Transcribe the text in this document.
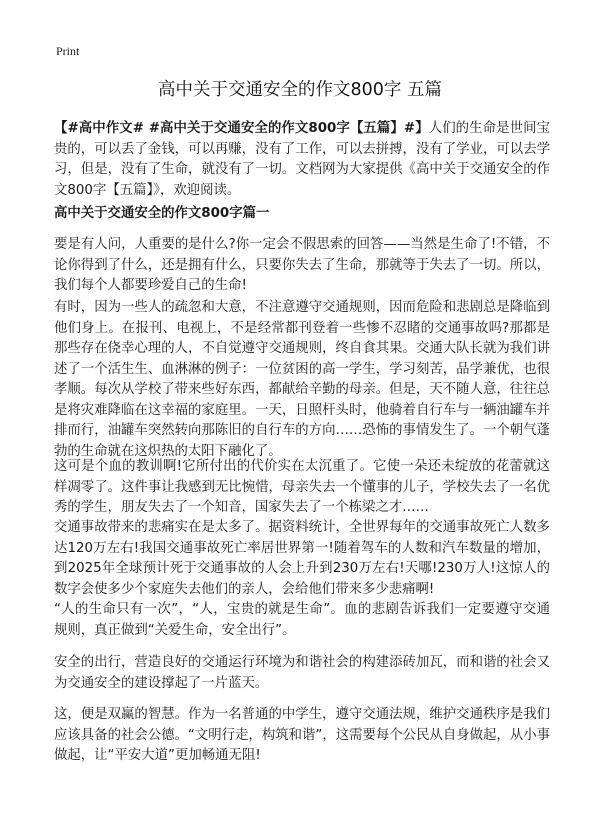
Print
高中关于交通安全的作文800字 五篇
【#高中作文# #高中关于交通安全的作文800字【五篇】#】人们的生命是世间宝贵的，可以丢了金钱，可以再赚，没有了工作，可以去拼搏，没有了学业，可以去学习，但是，没有了生命，就没有了一切。文档网为大家提供《高中关于交通安全的作文800字【五篇】》，欢迎阅读。
高中关于交通安全的作文800字篇一

要是有人问，人重要的是什么?你一定会不假思索的回答——当然是生命了!不错，不论你得到了什么，还是拥有什么，只要你失去了生命，那就等于失去了一切。所以，我们每个人都要珍爱自己的生命!

有时，因为一些人的疏忽和大意，不注意遵守交通规则，因而危险和悲剧总是降临到他们身上。在报刊、电视上，不是经常都刊登着一些惨不忍睹的交通事故吗?那都是那些存在侥幸心理的人，不自觉遵守交通规则，终自食其果。交通大队长就为我们讲述了一个活生生、血淋淋的例子：一位贫困的高一学生，学习刻苦，品学兼优，也很孝顺。每次从学校了带来些好东西，都献给辛勤的母亲。但是，天不随人意，往往总是将灾难降临在这幸福的家庭里。一天，日照杆头时，他骑着自行车与一辆油罐车并排而行，油罐车突然转向那陈旧的自行车的方向……恐怖的事情发生了。一个朝气蓬勃的生命就在这炽热的太阳下融化了。

这可是个血的教训啊!它所付出的代价实在太沉重了。它使一朵还未绽放的花蕾就这样凋零了。这件事让我感到无比惋惜，母亲失去一个懂事的儿子，学校失去了一名优秀的学生，朋友失去了一个知音，国家失去了一个栋梁之才……

交通事故带来的悲痛实在是太多了。据资料统计，全世界每年的交通事故死亡人数多达120万左右!我国交通事故死亡率居世界第一!随着驾车的人数和汽车数量的增加，到2025年全球预计死于交通事故的人会上升到230万左右!天哪!230万人!这惊人的数字会使多少个家庭失去他们的亲人，会给他们带来多少悲痛啊!

“人的生命只有一次”，“人，宝贵的就是生命”。血的悲剧告诉我们一定要遵守交通规则，真正做到“关爱生命，安全出行”。

安全的出行，营造良好的交通运行环境为和谐社会的构建添砖加瓦，而和谐的社会又为交通安全的建设撑起了一片蓝天。

这，便是双赢的智慧。作为一名普通的中学生，遵守交通法规，维护交通秩序是我们应该具备的社会公德。“文明行走，构筑和谐”，这需要每个公民从自身做起，从小事做起，让“平安大道”更加畅通无阻!
